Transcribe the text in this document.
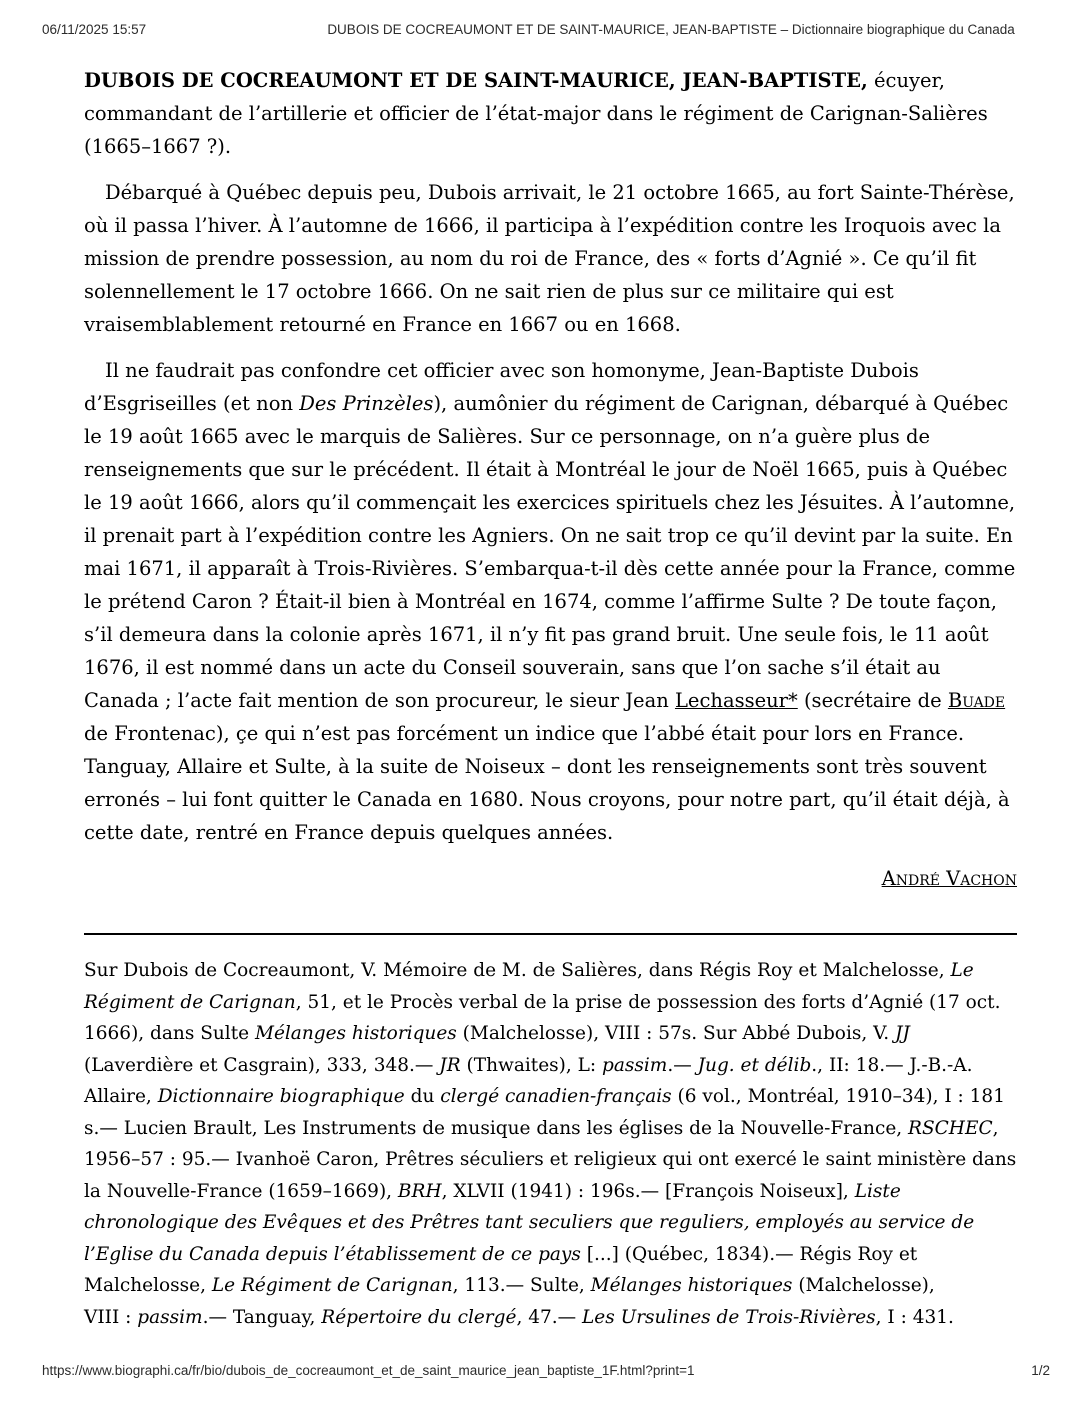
06/11/2025 15:57	DUBOIS DE COCREAUMONT ET DE SAINT-MAURICE, JEAN-BAPTISTE – Dictionnaire biographique du Canada

DUBOIS DE COCREAUMONT ET DE SAINT-MAURICE, JEAN-BAPTISTE, écuyer, commandant de l’artillerie et officier de l’état-major dans le régiment de Carignan-Salières (1665–1667 ?).

Débarqué à Québec depuis peu, Dubois arrivait, le 21 octobre 1665, au fort Sainte-Thérèse, où il passa l’hiver. À l’automne de 1666, il participa à l’expédition contre les Iroquois avec la mission de prendre possession, au nom du roi de France, des « forts d’Agnié ». Ce qu’il fit solennellement le 17 octobre 1666. On ne sait rien de plus sur ce militaire qui est vraisemblablement retourné en France en 1667 ou en 1668.

Il ne faudrait pas confondre cet officier avec son homonyme, Jean-Baptiste Dubois d’Esgriseilles (et non Des Prinzèles), aumônier du régiment de Carignan, débarqué à Québec le 19 août 1665 avec le marquis de Salières. Sur ce personnage, on n’a guère plus de renseignements que sur le précédent. Il était à Montréal le jour de Noël 1665, puis à Québec le 19 août 1666, alors qu’il commençait les exercices spirituels chez les Jésuites. À l’automne, il prenait part à l’expédition contre les Agniers. On ne sait trop ce qu’il devint par la suite. En mai 1671, il apparaît à Trois-Rivières. S’embarqua-t-il dès cette année pour la France, comme le prétend Caron ? Était-il bien à Montréal en 1674, comme l’affirme Sulte ? De toute façon, s’il demeura dans la colonie après 1671, il n’y fit pas grand bruit. Une seule fois, le 11 août 1676, il est nommé dans un acte du Conseil souverain, sans que l’on sache s’il était au Canada ; l’acte fait mention de son procureur, le sieur Jean Lechasseur* (secrétaire de Buade de Frontenac), çe qui n’est pas forcément un indice que l’abbé était pour lors en France. Tanguay, Allaire et Sulte, à la suite de Noiseux – dont les renseignements sont très souvent erronés – lui font quitter le Canada en 1680. Nous croyons, pour notre part, qu’il était déjà, à cette date, rentré en France depuis quelques années.

André Vachon

Sur Dubois de Cocreaumont, V. Mémoire de M. de Salières, dans Régis Roy et Malchelosse, Le Régiment de Carignan, 51, et le Procès verbal de la prise de possession des forts d’Agnié (17 oct. 1666), dans Sulte Mélanges historiques (Malchelosse), VIII : 57s. Sur Abbé Dubois, V. JJ (Laverdière et Casgrain), 333, 348.— JR (Thwaites), L: passim.— Jug. et délib., II: 18.— J.-B.-A. Allaire, Dictionnaire biographique du clergé canadien-français (6 vol., Montréal, 1910–34), I : 181 s.— Lucien Brault, Les Instruments de musique dans les églises de la Nouvelle-France, RSCHEC, 1956–57 : 95.— Ivanhoë Caron, Prêtres séculiers et religieux qui ont exercé le saint ministère dans la Nouvelle-France (1659–1669), BRH, XLVII (1941) : 196s.— [François Noiseux], Liste chronologique des Evêques et des Prêtres tant seculiers que reguliers, employés au service de l’Eglise du Canada depuis l’établissement de ce pays [...] (Québec, 1834).— Régis Roy et Malchelosse, Le Régiment de Carignan, 113.— Sulte, Mélanges historiques (Malchelosse), VIII : passim.— Tanguay, Répertoire du clergé, 47.— Les Ursulines de Trois-Rivières, I : 431.

https://www.biographi.ca/fr/bio/dubois_de_cocreaumont_et_de_saint_maurice_jean_baptiste_1F.html?print=1	1/2
